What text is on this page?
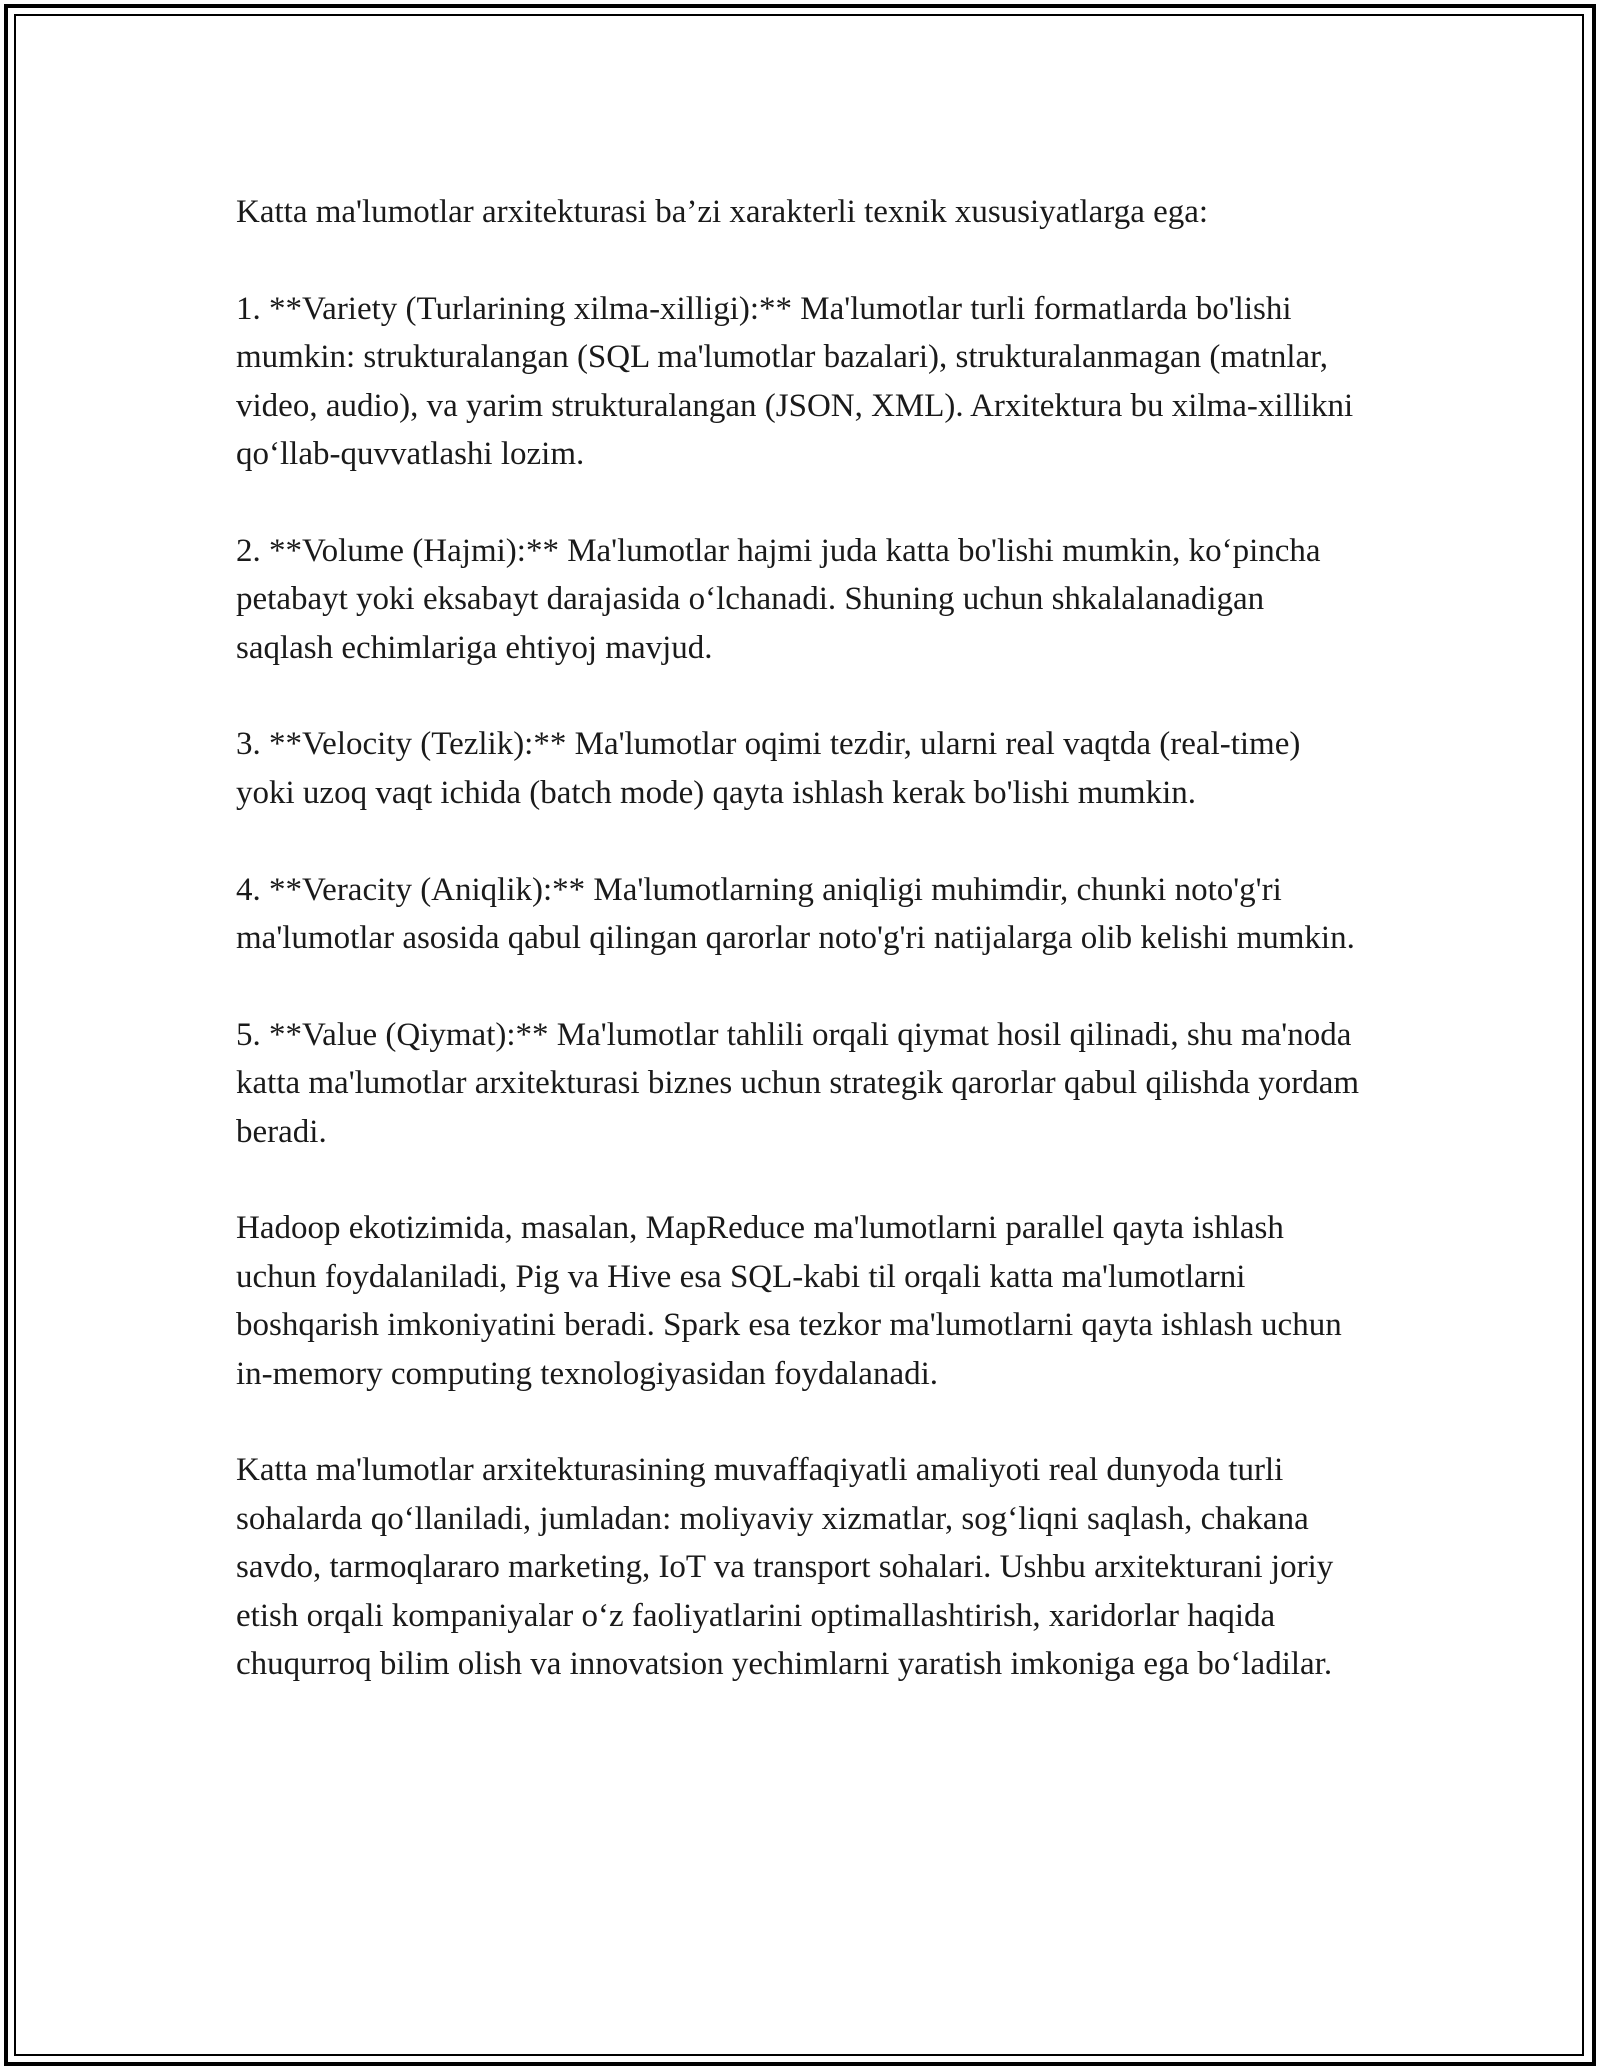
Katta ma'lumotlar arxitekturasi ba’zi xarakterli texnik xususiyatlarga ega:

1. **Variety (Turlarining xilma-xilligi):** Ma'lumotlar turli formatlarda bo'lishi mumkin: strukturalangan (SQL ma'lumotlar bazalari), strukturalanmagan (matnlar, video, audio), va yarim strukturalangan (JSON, XML). Arxitektura bu xilma-xillikni qo‘llab-quvvatlashi lozim.

2. **Volume (Hajmi):** Ma'lumotlar hajmi juda katta bo'lishi mumkin, ko‘pincha petabayt yoki eksabayt darajasida o‘lchanadi. Shuning uchun shkalalanadigan saqlash echimlariga ehtiyoj mavjud.

3. **Velocity (Tezlik):** Ma'lumotlar oqimi tezdir, ularni real vaqtda (real-time) yoki uzoq vaqt ichida (batch mode) qayta ishlash kerak bo'lishi mumkin.

4. **Veracity (Aniqlik):** Ma'lumotlarning aniqligi muhimdir, chunki noto'g'ri ma'lumotlar asosida qabul qilingan qarorlar noto'g'ri natijalarga olib kelishi mumkin.

5. **Value (Qiymat):** Ma'lumotlar tahlili orqali qiymat hosil qilinadi, shu ma'noda katta ma'lumotlar arxitekturasi biznes uchun strategik qarorlar qabul qilishda yordam beradi.

Hadoop ekotizimida, masalan, MapReduce ma'lumotlarni parallel qayta ishlash uchun foydalaniladi, Pig va Hive esa SQL-kabi til orqali katta ma'lumotlarni boshqarish imkoniyatini beradi. Spark esa tezkor ma'lumotlarni qayta ishlash uchun in-memory computing texnologiyasidan foydalanadi.

Katta ma'lumotlar arxitekturasining muvaffaqiyatli amaliyoti real dunyoda turli sohalarda qo‘llaniladi, jumladan: moliyaviy xizmatlar, sog‘liqni saqlash, chakana savdo, tarmoqlararo marketing, IoT va transport sohalari. Ushbu arxitekturani joriy etish orqali kompaniyalar o‘z faoliyatlarini optimallashtirish, xaridorlar haqida chuqurroq bilim olish va innovatsion yechimlarni yaratish imkoniga ega bo‘ladilar.
